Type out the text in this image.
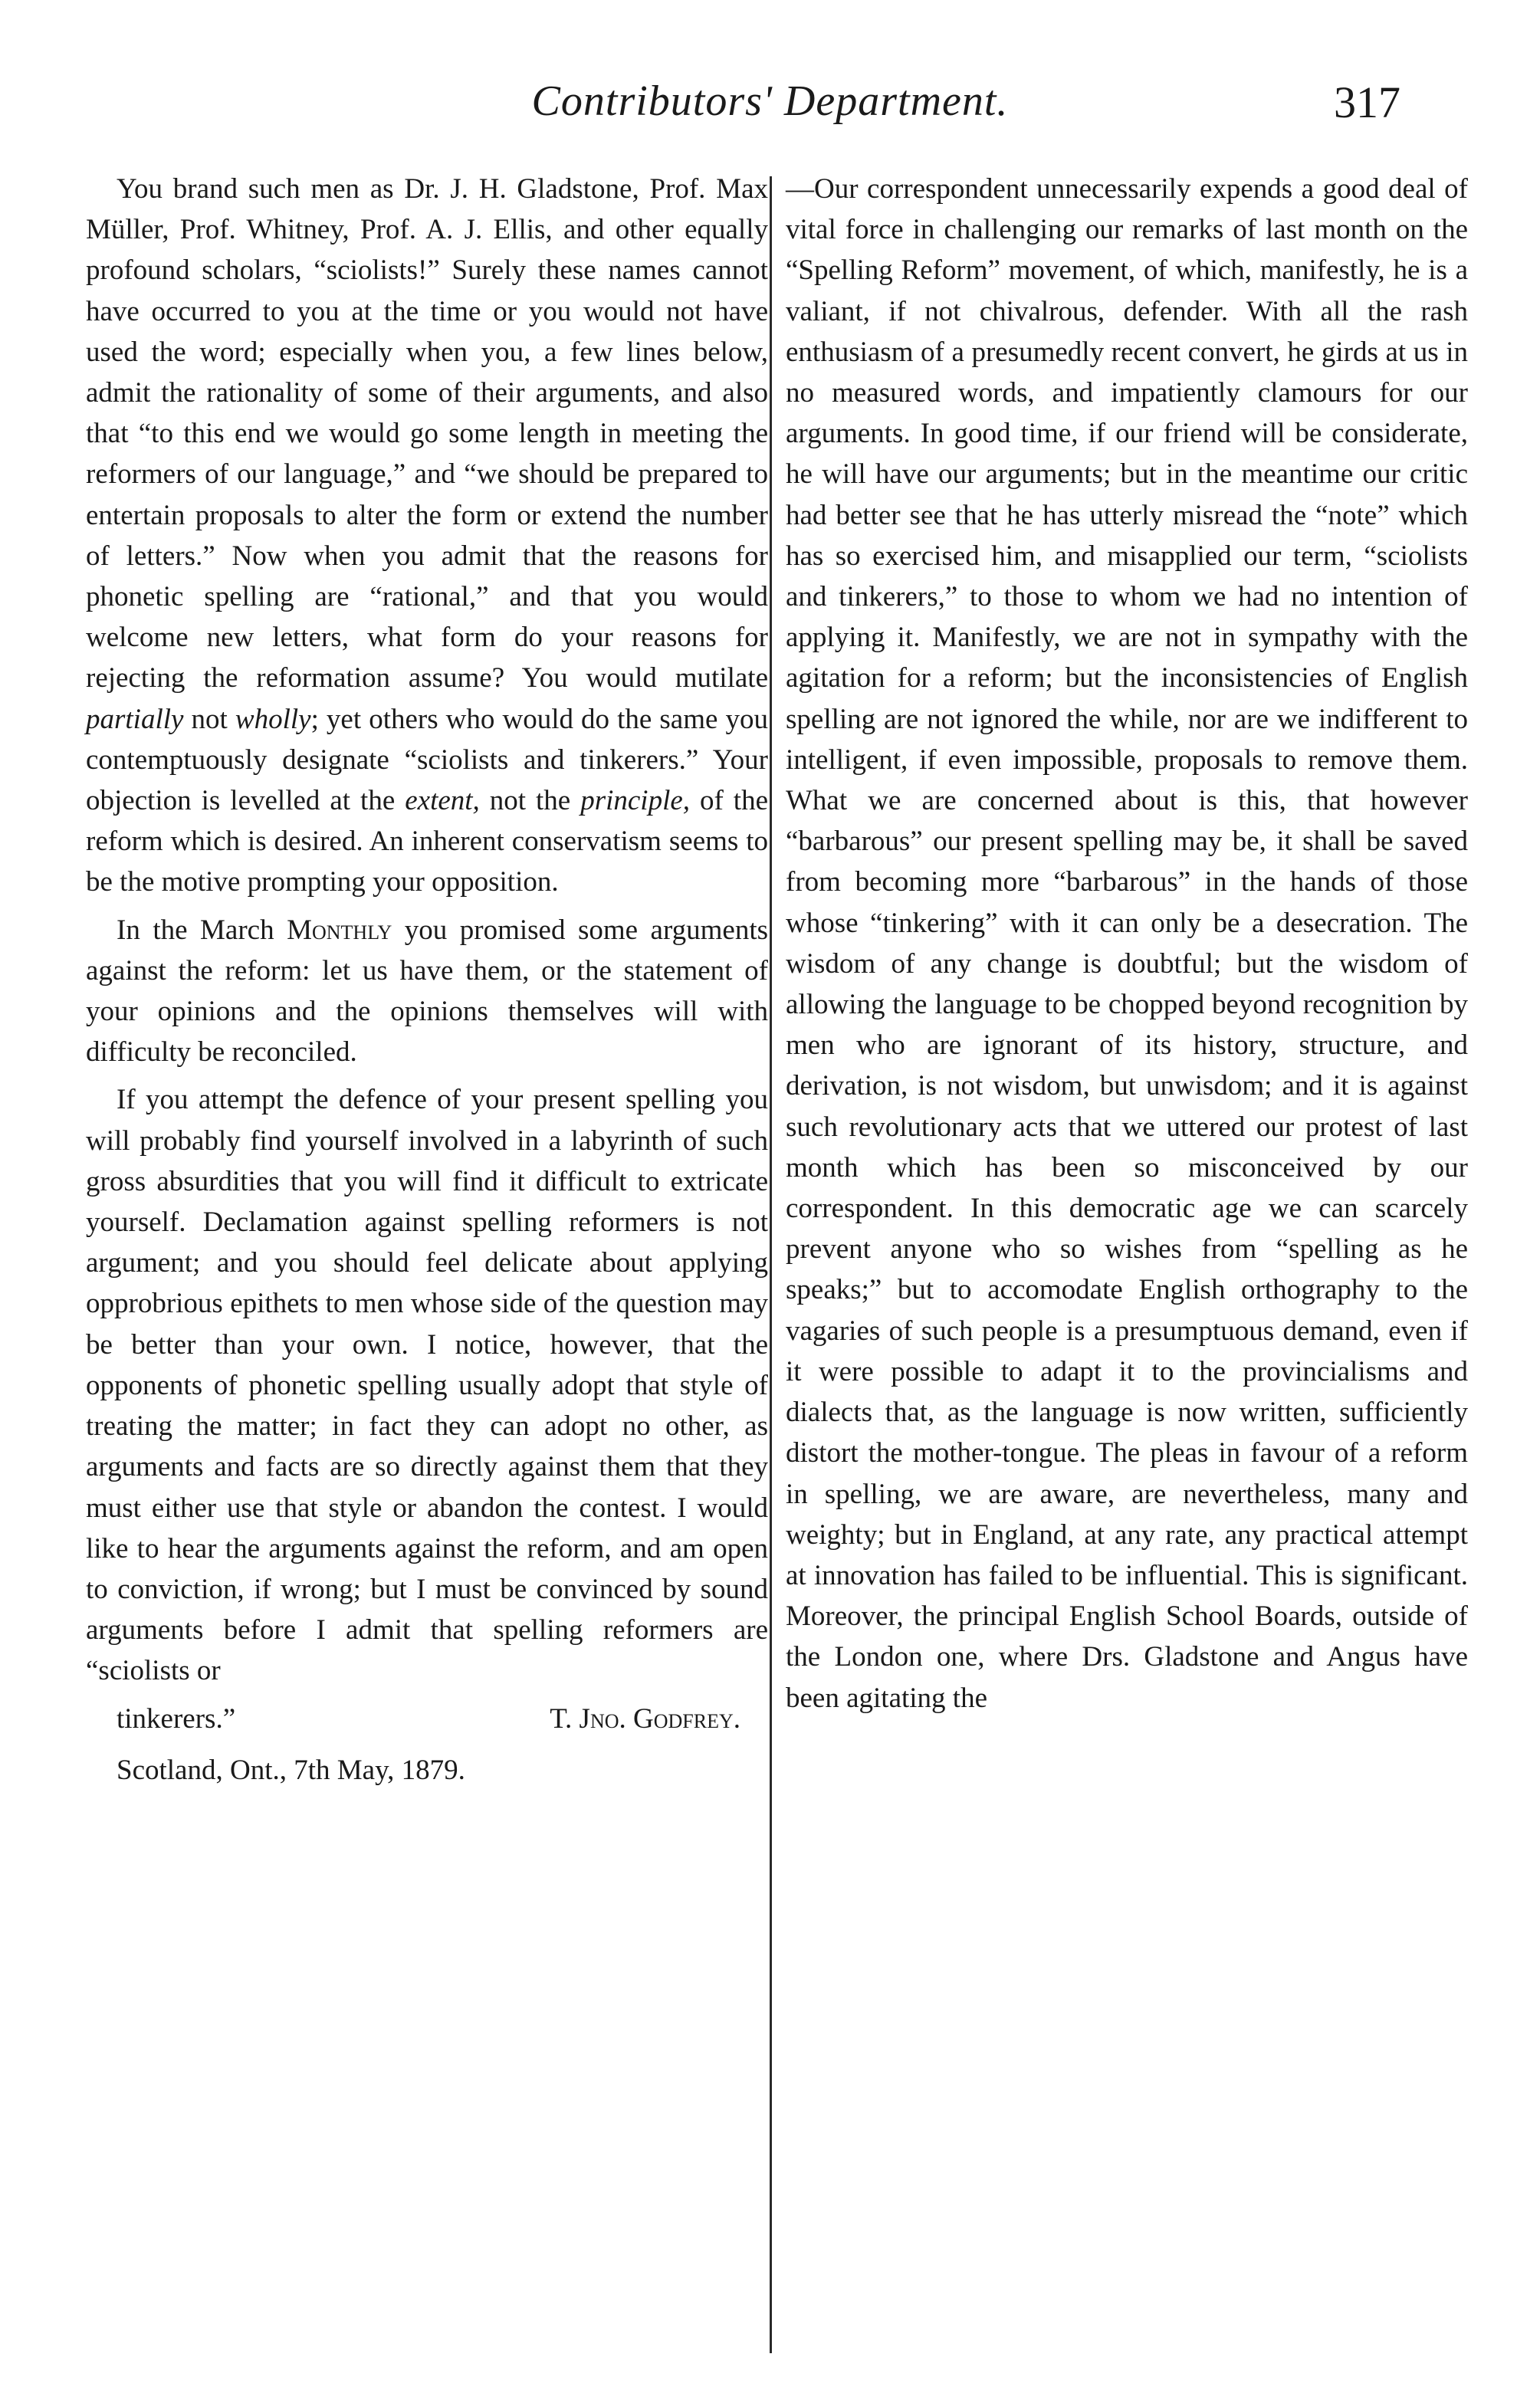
Contributors' Department.	317

You brand such men as Dr. J. H. Gladstone, Prof. Max Müller, Prof. Whitney, Prof. A. J. Ellis, and other equally profound scholars, “sciolists!” Surely these names cannot have occurred to you at the time or you would not have used the word; especially when you, a few lines below, admit the rationality of some of their arguments, and also that “to this end we would go some length in meeting the reformers of our language,” and “we should be prepared to entertain proposals to alter the form or extend the number of letters.” Now when you admit that the reasons for phonetic spelling are “rational,” and that you would welcome new letters, what form do your reasons for rejecting the reformation assume? You would mutilate partially not wholly; yet others who would do the same you contemptuously designate “sciolists and tinkerers.” Your objection is levelled at the extent, not the principle, of the reform which is desired. An inherent conservatism seems to be the motive prompting your opposition.

In the March Monthly you promised some arguments against the reform: let us have them, or the statement of your opinions and the opinions themselves will with difficulty be reconciled.

If you attempt the defence of your present spelling you will probably find yourself involved in a labyrinth of such gross absurdities that you will find it difficult to extricate yourself. Declamation against spelling reformers is not argument; and you should feel delicate about applying opprobrious epithets to men whose side of the question may be better than your own. I notice, however, that the opponents of phonetic spelling usually adopt that style of treating the matter; in fact they can adopt no other, as arguments and facts are so directly against them that they must either use that style or abandon the contest. I would like to hear the arguments against the reform, and am open to conviction, if wrong; but I must be convinced by sound arguments before I admit that spelling reformers are “sciolists or

tinkerers.”	T. Jno. Godfrey.

Scotland, Ont., 7th May, 1879.

—Our correspondent unnecessarily expends a good deal of vital force in challenging our remarks of last month on the “Spelling Reform” movement, of which, manifestly, he is a valiant, if not chivalrous, defender. With all the rash enthusiasm of a presumedly recent convert, he girds at us in no measured words, and impatiently clamours for our arguments. In good time, if our friend will be considerate, he will have our arguments; but in the meantime our critic had better see that he has utterly misread the “note” which has so exercised him, and misapplied our term, “sciolists and tinkerers,” to those to whom we had no intention of applying it. Manifestly, we are not in sympathy with the agitation for a reform; but the inconsistencies of English spelling are not ignored the while, nor are we indifferent to intelligent, if even impossible, proposals to remove them. What we are concerned about is this, that however “barbarous” our present spelling may be, it shall be saved from becoming more “barbarous” in the hands of those whose “tinkering” with it can only be a desecration. The wisdom of any change is doubtful; but the wisdom of allowing the language to be chopped beyond recognition by men who are ignorant of its history, structure, and derivation, is not wisdom, but unwisdom; and it is against such revolutionary acts that we uttered our protest of last month which has been so misconceived by our correspondent. In this democratic age we can scarcely prevent anyone who so wishes from “spelling as he speaks;” but to accomodate English orthography to the vagaries of such people is a presumptuous demand, even if it were possible to adapt it to the provincialisms and dialects that, as the language is now written, sufficiently distort the mother-tongue. The pleas in favour of a reform in spelling, we are aware, are nevertheless, many and weighty; but in England, at any rate, any practical attempt at innovation has failed to be influential. This is significant. Moreover, the principal English School Boards, outside of the London one, where Drs. Gladstone and Angus have been agitating the
